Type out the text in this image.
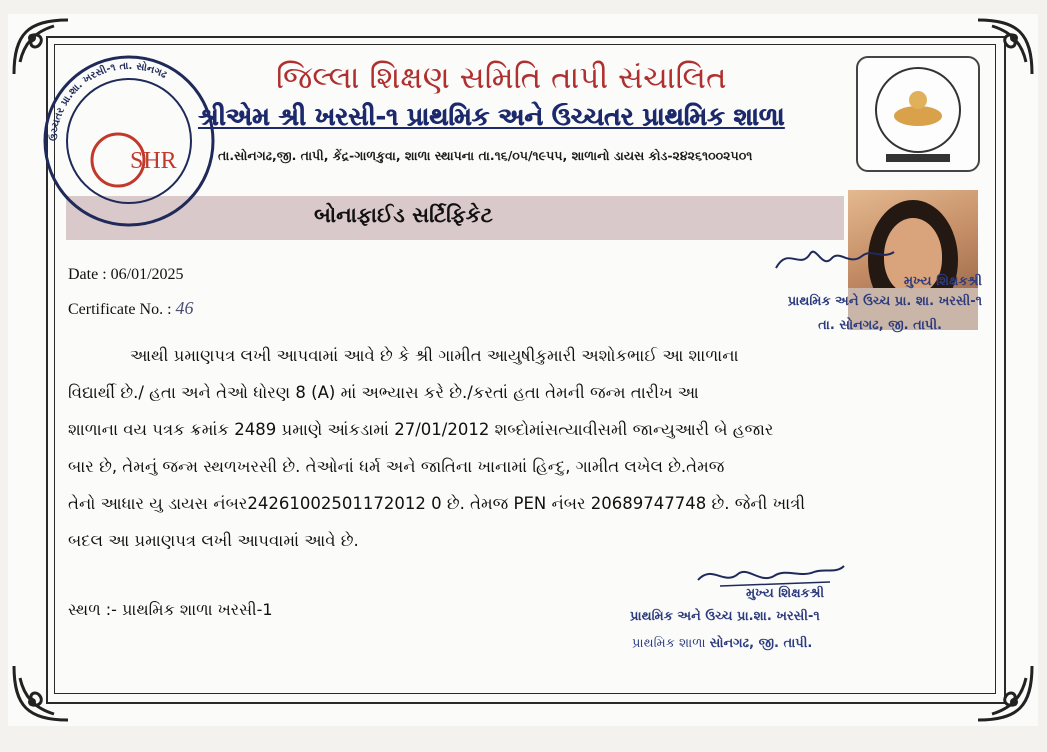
ઉચ્ચતર પ્રા.શા. ખરસી-૧ તા. સોનગઢ
SHR
જિલ્લા શિક્ષણ સમિતિ તાપી સંચાલિત
શ્રીએમ શ્રી ખરસી-૧ પ્રાથમિક અને ઉચ્ચતર પ્રાથમિક શાળા
તા.સોનગઢ,જી. તાપી, કેંદ્ર-ગાળકુવા, શાળા સ્થાપના તા.૧૬/૦૫/૧૯૫૫, શાળાનો ડાયસ કોડ-૨૪૨૬૧૦૦૨૫૦૧
બોનાફાઈડ સર્ટિફિકેટ
Date : 06/01/2025
Certificate No. : 46
મુખ્ય શિક્ષકશ્રી
પ્રાથમિક અને ઉચ્ચ પ્રા. શા. ખરસી-૧
તા. સોનગઢ, જી. તાપી.
આથી પ્રમાણપત્ર લખી આપવામાં આવે છે કે શ્રી ગામીત આયુષીકુમારી અશોકભાઈ આ શાળાના
વિદ્યાર્થી છે./ હતા અને તેઓ ધોરણ 8 (A) માં અભ્યાસ કરે છે./કરતાં હતા તેમની જન્મ તારીખ આ
શાળાના વય પત્રક ક્રમાંક 2489 પ્રમાણે આંકડામાં 27/01/2012 શબ્દોમાંસત્યાવીસમી જાન્યુઆરી બે હજાર
બાર છે, તેમનું જન્મ સ્થળખરસી છે. તેઓનાં ધર્મ અને જાતિના ખાનામાં હિન્દુ, ગામીત લખેલ છે.તેમજ
તેનો આધાર યુ ડાયસ નંબર24261002501172012 0 છે. તેમજ PEN નંબર 20689747748 છે. જેની ખાત્રી
બદલ આ પ્રમાણપત્ર લખી આપવામાં આવે છે.
સ્થળ :- પ્રાથમિક શાળા ખરસી-1
મુખ્ય શિક્ષકશ્રી
પ્રાથમિક અને ઉચ્ચ પ્રા.શા. ખરસી-૧
પ્રાથમિક શાળા સોનગઢ, જી. તાપી.
